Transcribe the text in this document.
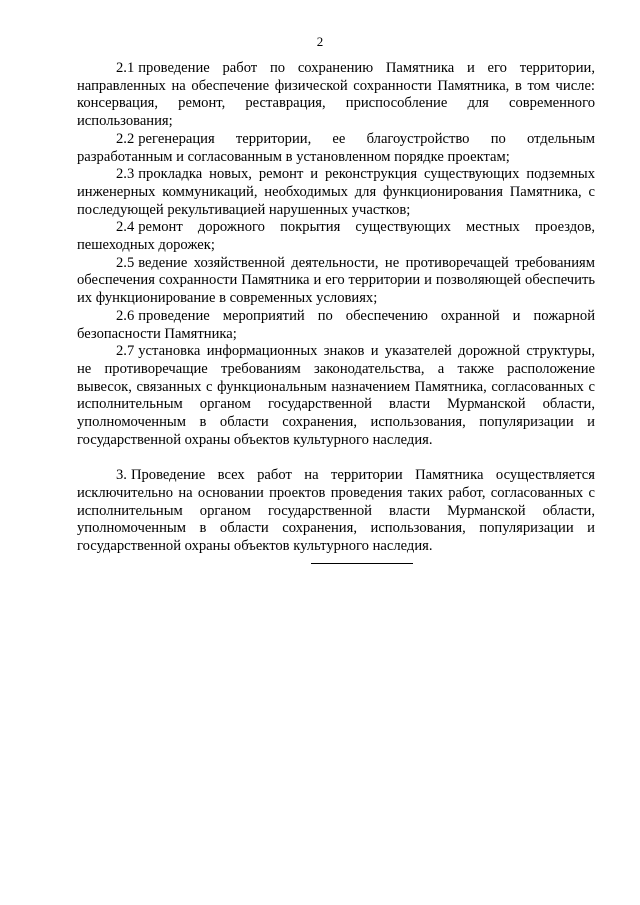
2

2.1 проведение работ по сохранению Памятника и его территории, направленных на обеспечение физической сохранности Памятника, в том числе: консервация, ремонт, реставрация, приспособление для современного использования;

2.2 регенерация территории, ее благоустройство по отдельным разработанным и согласованным в установленном порядке проектам;

2.3 прокладка новых, ремонт и реконструкция существующих подземных инженерных коммуникаций, необходимых для функционирования Памятника, с последующей рекультивацией нарушенных участков;

2.4 ремонт дорожного покрытия существующих местных проездов, пешеходных дорожек;

2.5 ведение хозяйственной деятельности, не противоречащей требованиям обеспечения сохранности Памятника и его территории и позволяющей обеспечить их функционирование в современных условиях;

2.6 проведение мероприятий по обеспечению охранной и пожарной безопасности Памятника;

2.7 установка информационных знаков и указателей дорожной структуры, не противоречащие требованиям законодательства, а также расположение вывесок, связанных с функциональным назначением Памятника, согласованных с исполнительным органом государственной власти Мурманской области, уполномоченным в области сохранения, использования, популяризации и государственной охраны объектов культурного наследия.

3. Проведение всех работ на территории Памятника осуществляется исключительно на основании проектов проведения таких работ, согласованных с исполнительным органом государственной власти Мурманской области, уполномоченным в области сохранения, использования, популяризации и государственной охраны объектов культурного наследия.
